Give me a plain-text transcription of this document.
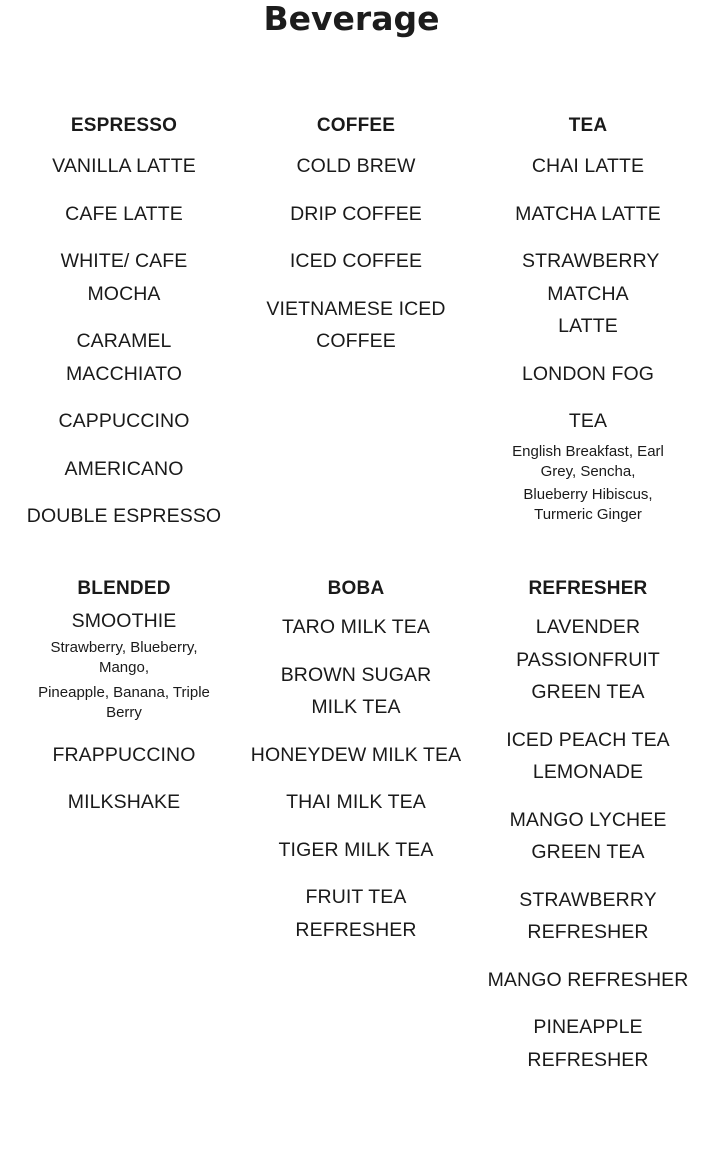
Beverage
ESPRESSO
VANILLA LATTE
CAFE LATTE
WHITE/ CAFE MOCHA
CARAMEL MACCHIATO
CAPPUCCINO
AMERICANO
DOUBLE ESPRESSO
COFFEE
COLD BREW
DRIP COFFEE
ICED COFFEE
VIETNAMESE ICED COFFEE
TEA
CHAI LATTE
MATCHA LATTE
STRAWBERRY MATCHA LATTE
LONDON FOG
TEA
English Breakfast, Earl Grey, Sencha,
Blueberry Hibiscus, Turmeric Ginger
BLENDED
SMOOTHIE
Strawberry, Blueberry, Mango,
Pineapple, Banana, Triple Berry
FRAPPUCCINO
MILKSHAKE
BOBA
TARO MILK TEA
BROWN SUGAR MILK TEA
HONEYDEW MILK TEA
THAI MILK TEA
TIGER MILK TEA
FRUIT TEA REFRESHER
REFRESHER
LAVENDER PASSIONFRUIT GREEN TEA
ICED PEACH TEA LEMONADE
MANGO LYCHEE GREEN TEA
STRAWBERRY REFRESHER
MANGO REFRESHER
PINEAPPLE REFRESHER
